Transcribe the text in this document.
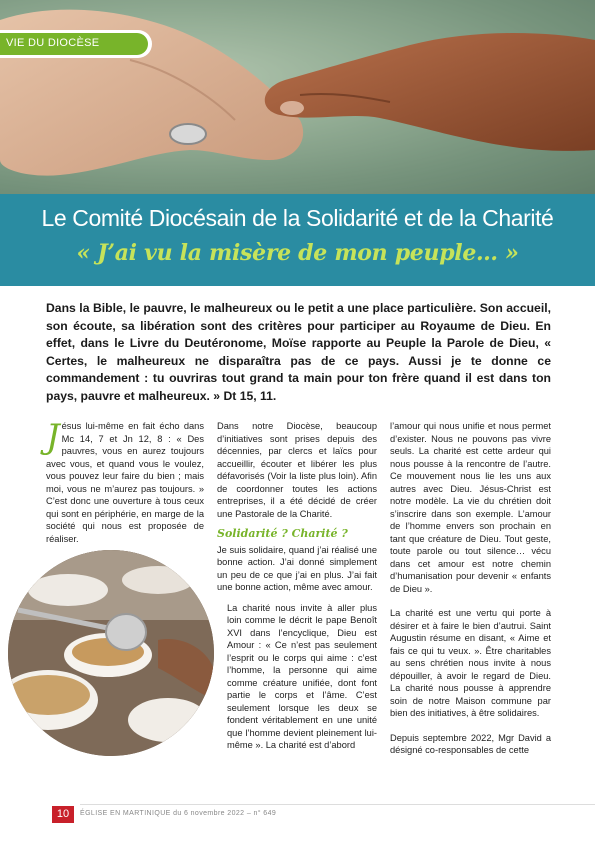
VIE DU DIOCÈSE
Le Comité Diocésain de la Solidarité et de la Charité
« J’ai vu la misère de mon peuple… »
Dans la Bible, le pauvre, le malheureux ou le petit a une place particulière. Son accueil, son écoute, sa libération sont des critères pour participer au Royaume de Dieu. En effet, dans le Livre du Deutéronome, Moïse rapporte au Peuple la Parole de Dieu, « Certes, le malheureux ne disparaîtra pas de ce pays. Aussi je te donne ce commandement : tu ouvriras tout grand ta main pour ton frère quand il est dans ton pays, pauvre et malheureux. » Dt 15, 11.

Jésus lui-même en fait écho dans Mc 14, 7 et Jn 12, 8 : « Des pauvres, vous en aurez toujours avec vous, et quand vous le voulez, vous pouvez leur faire du bien ; mais moi, vous ne m’aurez pas toujours. » C’est donc une ouverture à tous ceux qui sont en périphérie, en marge de la société qui nous est proposée de réaliser.

Dans notre Diocèse, beaucoup d’initiatives sont prises depuis des décennies, par clercs et laïcs pour accueillir, écouter et libérer les plus défavorisés (Voir la liste plus loin). Afin de coordonner toutes les actions entreprises, il a été décidé de créer une Pastorale de la Charité.

Solidarité ? Charité ?

Je suis solidaire, quand j’ai réalisé une bonne action. J’ai donné simplement un peu de ce que j’ai en plus. J’ai fait une bonne action, même avec amour.

La charité nous invite à aller plus loin comme le décrit le pape Benoît XVI dans l’encyclique, Dieu est Amour : « Ce n’est pas seulement l’esprit ou le corps qui aime : c’est l’homme, la personne qui aime comme créature unifiée, dont font partie le corps et l’âme. C’est seulement lorsque les deux se fondent véritablement en une unité que l’homme devient pleinement lui-même ». La charité est d’abord

l’amour qui nous unifie et nous permet d’exister. Nous ne pouvons pas vivre seuls. La charité est cette ardeur qui nous pousse à la rencontre de l’autre. Ce mouvement nous lie les uns aux autres avec Dieu. Jésus-Christ est notre modèle. La vie du chrétien doit s’inscrire dans son exemple. L’amour de l’homme envers son prochain en tant que créature de Dieu. Tout geste, toute parole ou tout silence… vécu dans cet amour est notre chemin d’humanisation pour devenir « enfants de Dieu ».

La charité est une vertu qui porte à désirer et à faire le bien d’autrui. Saint Augustin résume en disant, « Aime et fais ce qui tu veux. ». Être charitables au sens chrétien nous invite à nous dépouiller, à avoir le regard de Dieu. La charité nous pousse à apprendre soin de notre Maison commune par bien des initiatives, à être solidaires.

Depuis septembre 2022, Mgr David a désigné co-responsables de cette

10	ÉGLISE EN MARTINIQUE du 6 novembre 2022 – n° 649
